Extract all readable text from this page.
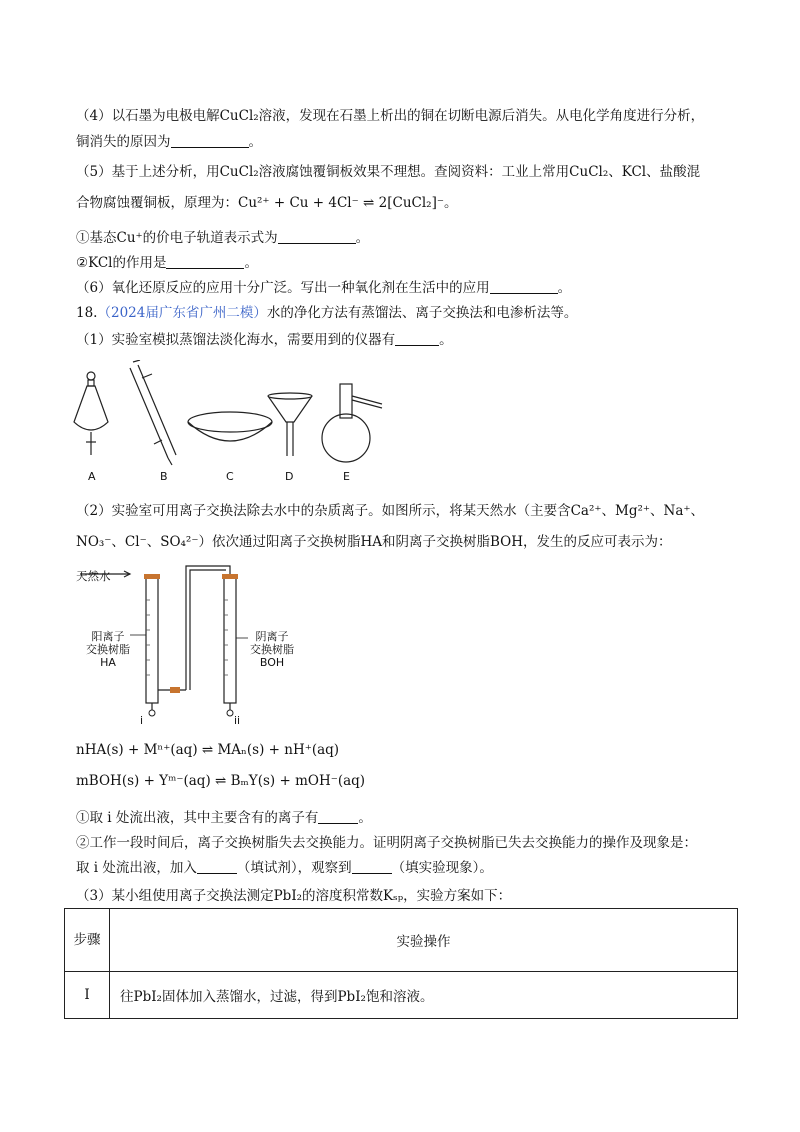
（4）以石墨为电极电解CuCl₂溶液，发现在石墨上析出的铜在切断电源后消失。从电化学角度进行分析，
铜消失的原因为	。
（5）基于上述分析，用CuCl₂溶液腐蚀覆铜板效果不理想。查阅资料：工业上常用CuCl₂、KCl、盐酸混
合物腐蚀覆铜板，原理为：Cu²⁺ + Cu + 4Cl⁻ ⇌ 2[CuCl₂]⁻。
①基态Cu⁺的价电子轨道表示式为	。
②KCl的作用是	。
（6）氧化还原反应的应用十分广泛。写出一种氧化剂在生活中的应用	。
18.（2024届广东省广州二模）水的净化方法有蒸馏法、离子交换法和电渗析法等。
（1）实验室模拟蒸馏法淡化海水，需要用到的仪器有	。
A	B	C	D	E
（2）实验室可用离子交换法除去水中的杂质离子。如图所示，将某天然水（主要含Ca²⁺、Mg²⁺、Na⁺、
NO₃⁻、Cl⁻、SO₄²⁻）依次通过阳离子交换树脂HA和阴离子交换树脂BOH，发生的反应可表示为：
天然水
阳离子
交换树脂
HA
阴离子
交换树脂
BOH
i	ii
nHA(s) + Mⁿ⁺(aq) ⇌ MAₙ(s) + nH⁺(aq)
mBOH(s) + Yᵐ⁻(aq) ⇌ BₘY(s) + mOH⁻(aq)
①取 i 处流出液，其中主要含有的离子有	。
②工作一段时间后，离子交换树脂失去交换能力。证明阴离子交换树脂已失去交换能力的操作及现象是：
取 i 处流出液，加入	（填试剂），观察到	（填实验现象）。
（3）某小组使用离子交换法测定PbI₂的溶度积常数Kₛₚ，实验方案如下：
步骤	实验操作
I	往PbI₂固体加入蒸馏水，过滤，得到PbI₂饱和溶液。
